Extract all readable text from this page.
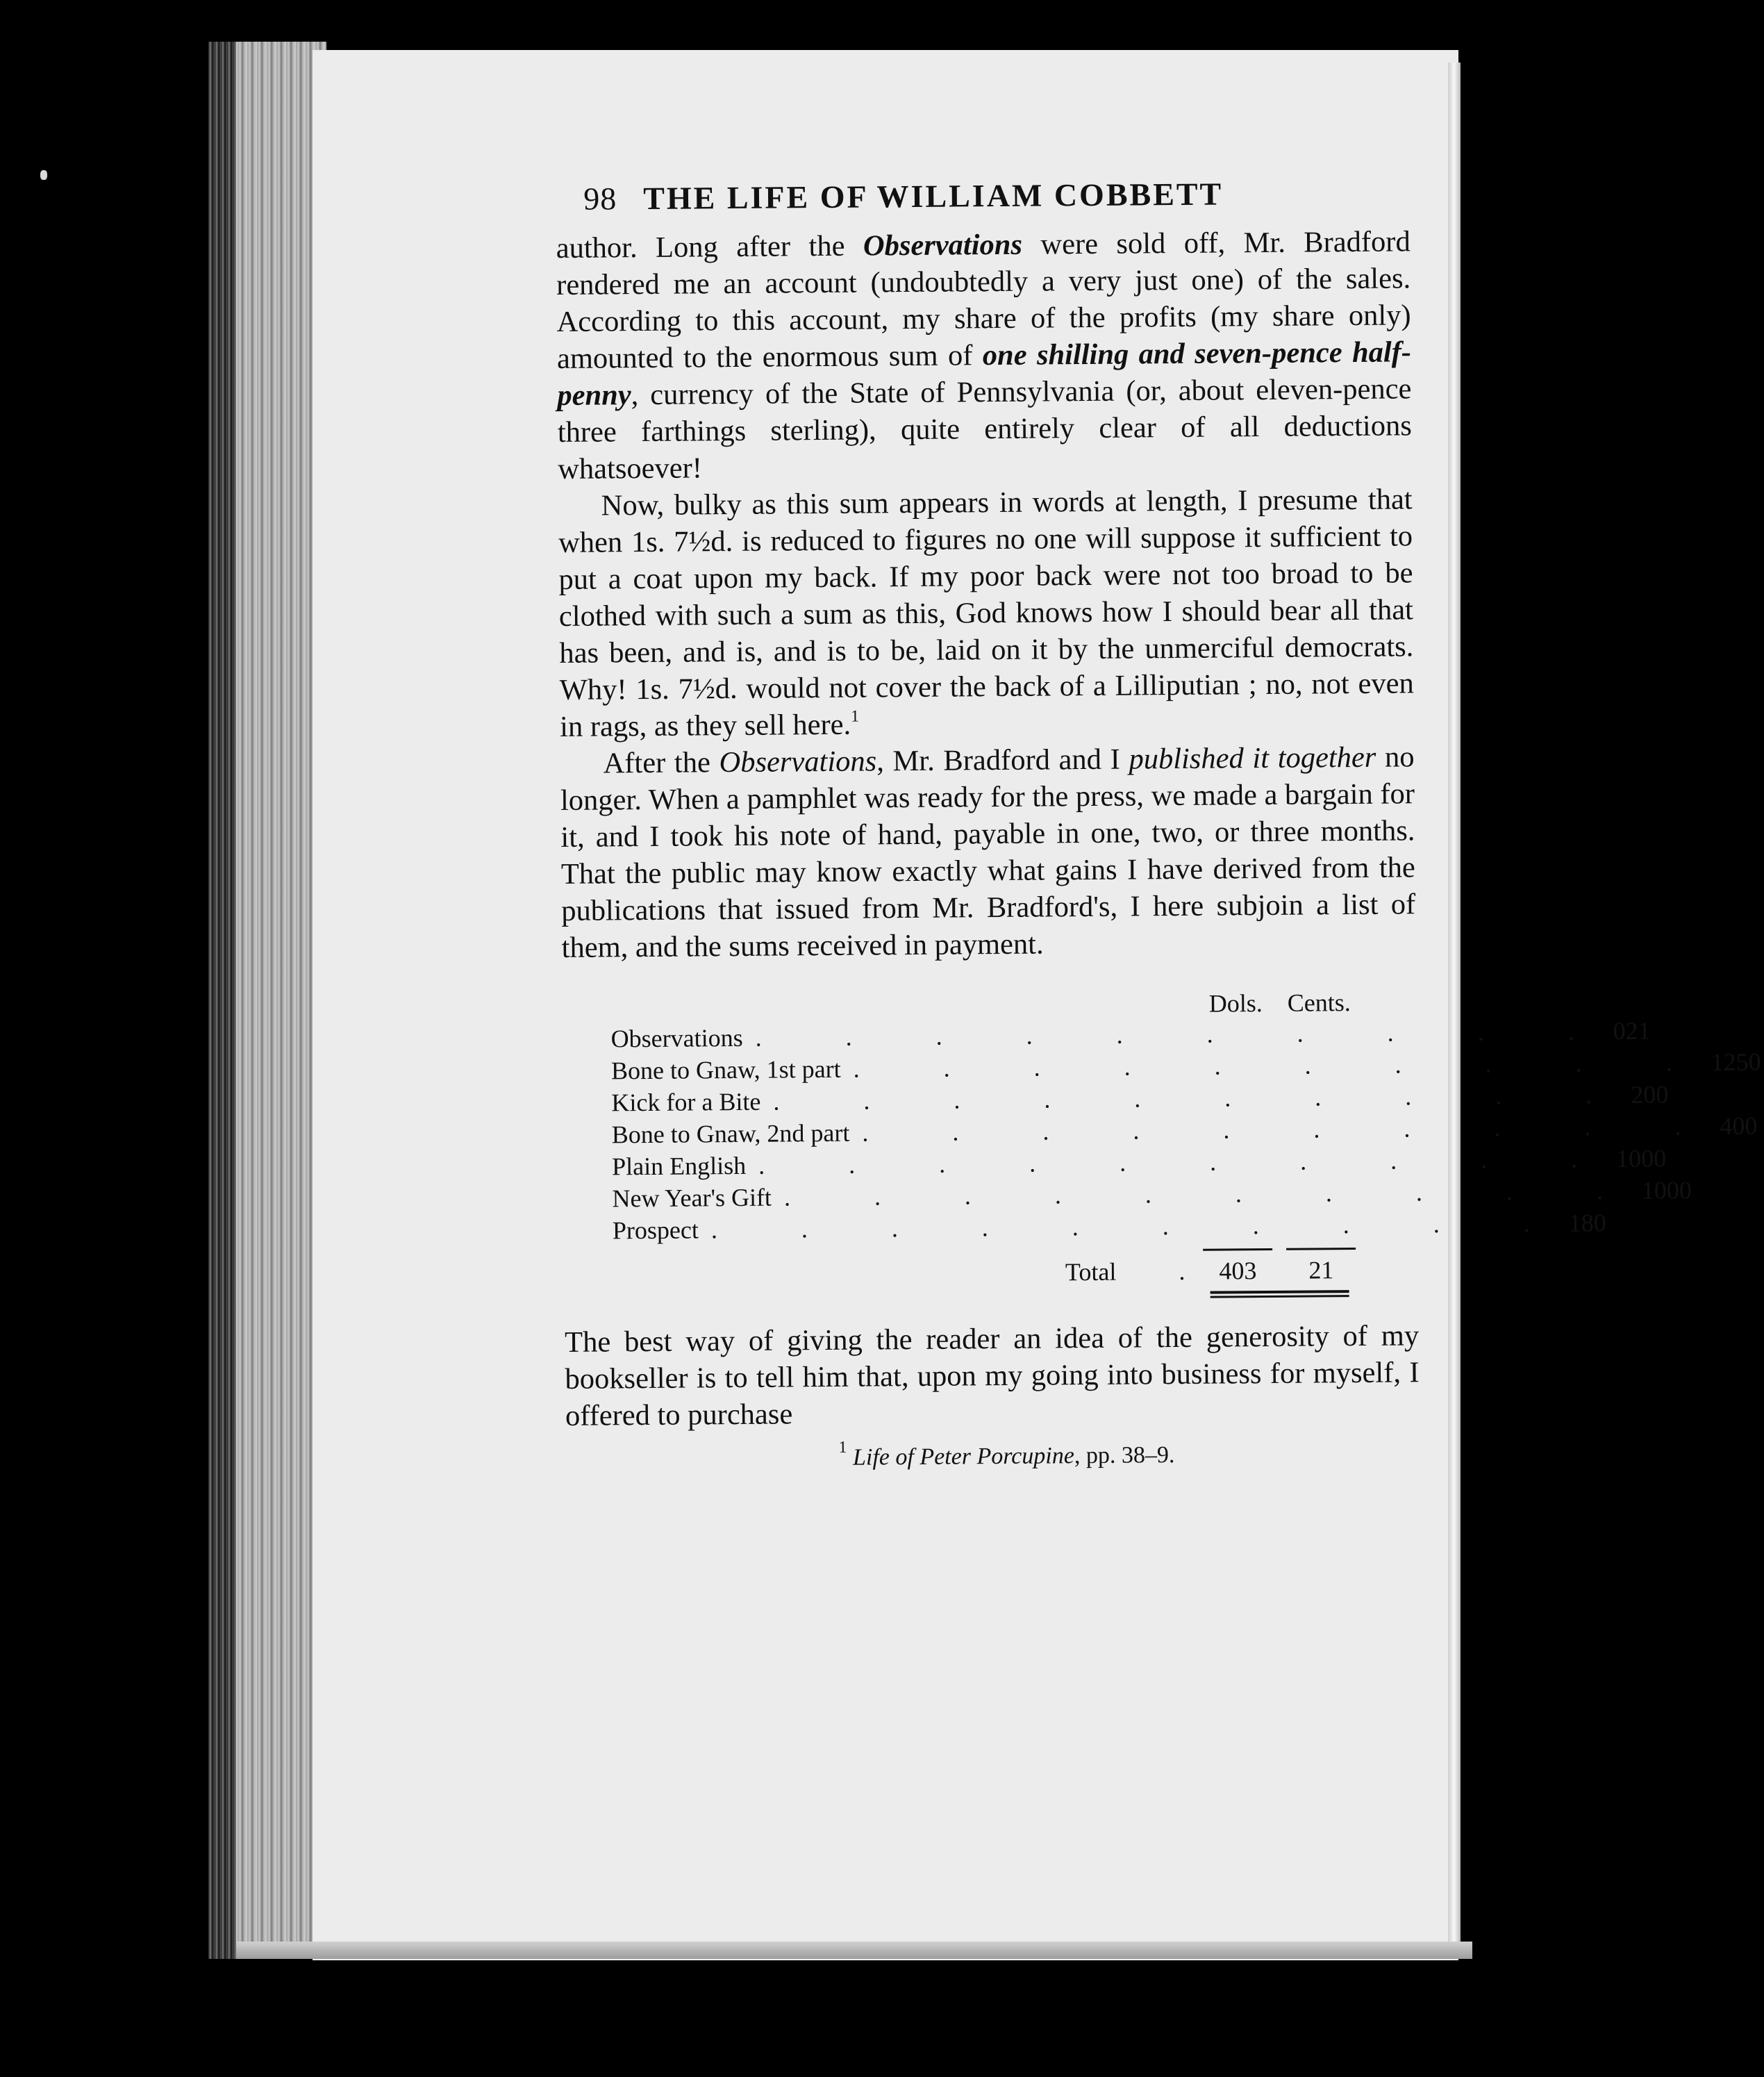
98 THE LIFE OF WILLIAM COBBETT

author. Long after the Observations were sold off, Mr. Bradford rendered me an account (undoubtedly a very just one) of the sales. According to this account, my share of the profits (my share only) amounted to the enormous sum of one shilling and seven-pence half-penny, currency of the State of Pennsylvania (or, about eleven-pence three farthings sterling), quite entirely clear of all deductions whatsoever!

Now, bulky as this sum appears in words at length, I presume that when 1s. 7½d. is reduced to figures no one will suppose it sufficient to put a coat upon my back. If my poor back were not too broad to be clothed with such a sum as this, God knows how I should bear all that has been, and is, and is to be, laid on it by the unmerciful democrats. Why! 1s. 7½d. would not cover the back of a Lilliputian ; no, not even in rags, as they sell here.$^1$

After the Observations, Mr. Bradford and I published it together no longer. When a pamphlet was ready for the press, we made a bargain for it, and I took his note of hand, payable in one, two, or three months. That the public may know exactly what gains I have derived from the publications that issued from Mr. Bradford's, I here subjoin a list of them, and the sums received in payment.

Dols. Cents.
Observations . . . . . . . . . . 0 21
Bone to Gnaw, 1st part . . . . . . . . . . 125 0
Kick for a Bite . . . . . . . . . . 20 0
Bone to Gnaw, 2nd part . . . . . . . . . . 40 0
Plain English . . . . . . . . . . 100 0
New Year's Gift . . . . . . . . . . 100 0
Prospect . . . . . . . . . . 18 0
Total .	403	21

The best way of giving the reader an idea of the generosity of my bookseller is to tell him that, upon my going into business for myself, I offered to purchase

$^1$ Life of Peter Porcupine, pp. 38–9.
